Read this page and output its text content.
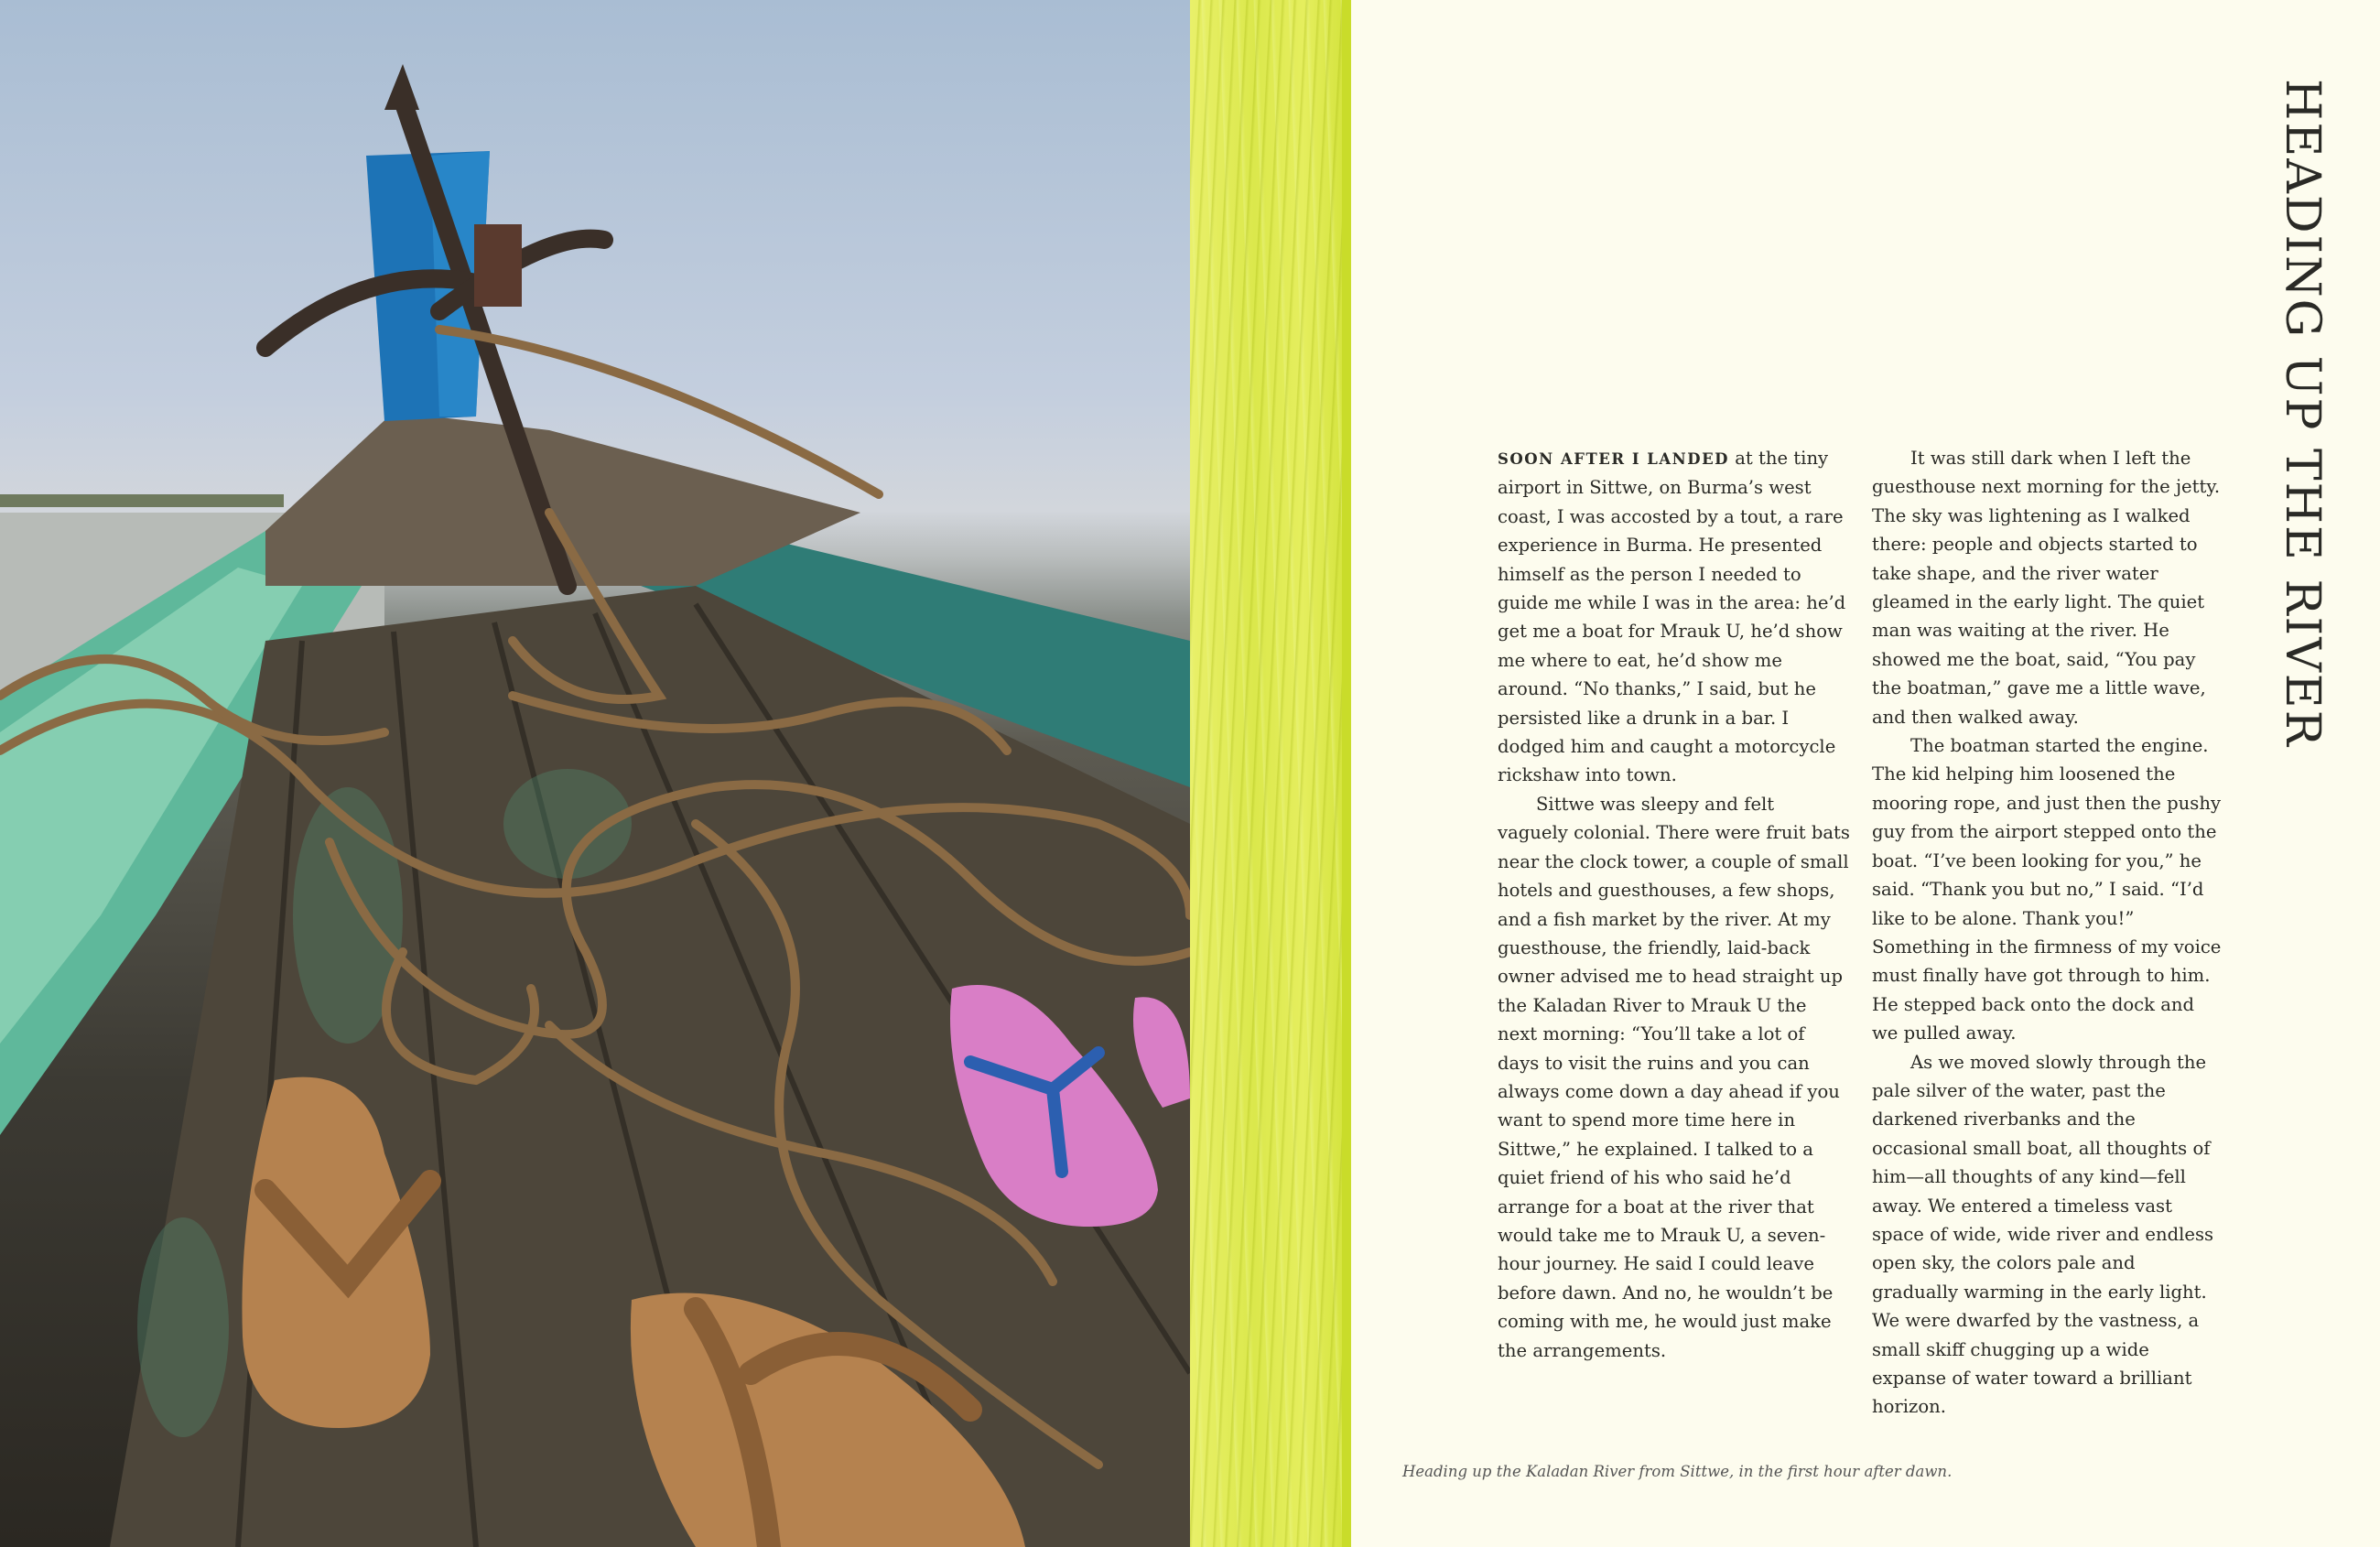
HEADING UP THE RIVER

SOON AFTER I LANDED at the tiny airport in Sittwe, on Burma’s west coast, I was accosted by a tout, a rare experience in Burma. He presented himself as the person I needed to guide me while I was in the area: he’d get me a boat for Mrauk U, he’d show me where to eat, he’d show me around. “No thanks,” I said, but he persisted like a drunk in a bar. I dodged him and caught a motorcycle rickshaw into town.

Sittwe was sleepy and felt vaguely colonial. There were fruit bats near the clock tower, a couple of small hotels and guesthouses, a few shops, and a fish market by the river. At my guesthouse, the friendly, laid-back owner advised me to head straight up the Kaladan River to Mrauk U the next morning: “You’ll take a lot of days to visit the ruins and you can always come down a day ahead if you want to spend more time here in Sittwe,” he explained. I talked to a quiet friend of his who said he’d arrange for a boat at the river that would take me to Mrauk U, a seven-hour journey. He said I could leave before dawn. And no, he wouldn’t be coming with me, he would just make the arrangements.

It was still dark when I left the guesthouse next morning for the jetty. The sky was lightening as I walked there: people and objects started to take shape, and the river water gleamed in the early light. The quiet man was waiting at the river. He showed me the boat, said, “You pay the boatman,” gave me a little wave, and then walked away.

The boatman started the engine. The kid helping him loosened the mooring rope, and just then the pushy guy from the airport stepped onto the boat. “I’ve been looking for you,” he said. “Thank you but no,” I said. “I’d like to be alone. Thank you!” Something in the firmness of my voice must finally have got through to him. He stepped back onto the dock and we pulled away.

As we moved slowly through the pale silver of the water, past the darkened riverbanks and the occasional small boat, all thoughts of him—all thoughts of any kind—fell away. We entered a timeless vast space of wide, wide river and endless open sky, the colors pale and gradually warming in the early light. We were dwarfed by the vastness, a small skiff chugging up a wide expanse of water toward a brilliant horizon.

Heading up the Kaladan River from Sittwe, in the first hour after dawn.
